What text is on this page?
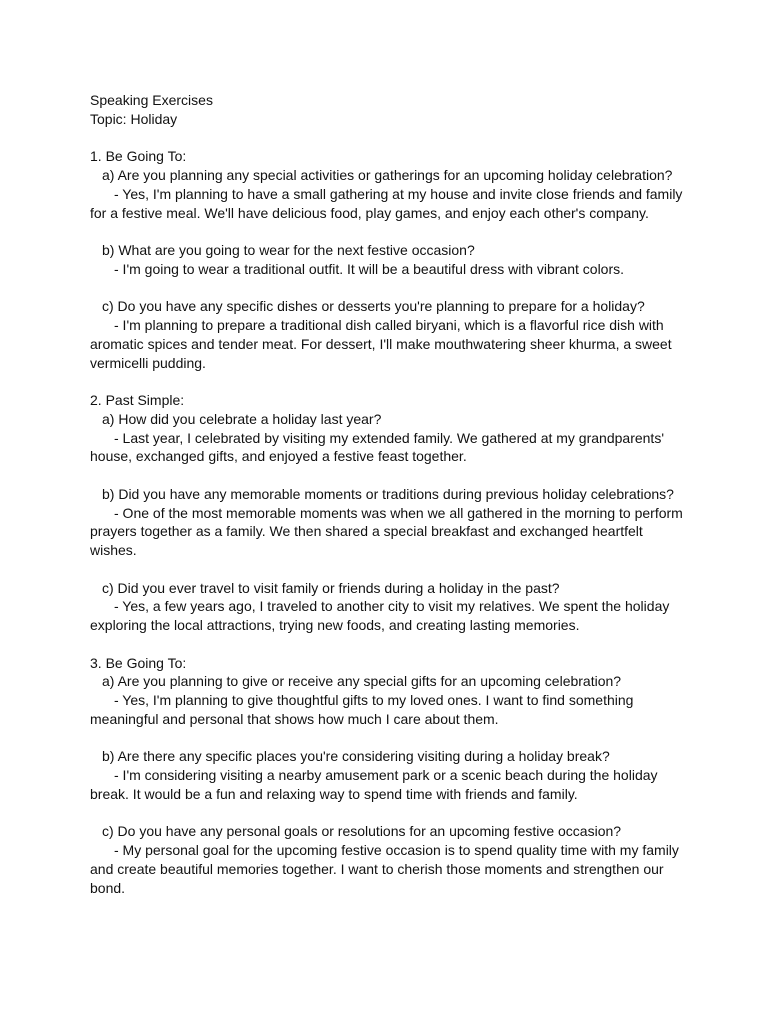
Speaking Exercises
Topic: Holiday
1. Be Going To:
a) Are you planning any special activities or gatherings for an upcoming holiday celebration?
- Yes, I'm planning to have a small gathering at my house and invite close friends and family
for a festive meal. We'll have delicious food, play games, and enjoy each other's company.
b) What are you going to wear for the next festive occasion?
- I'm going to wear a traditional outfit. It will be a beautiful dress with vibrant colors.
c) Do you have any specific dishes or desserts you're planning to prepare for a holiday?
- I'm planning to prepare a traditional dish called biryani, which is a flavorful rice dish with
aromatic spices and tender meat. For dessert, I'll make mouthwatering sheer khurma, a sweet
vermicelli pudding.
2. Past Simple:
a) How did you celebrate a holiday last year?
- Last year, I celebrated by visiting my extended family. We gathered at my grandparents'
house, exchanged gifts, and enjoyed a festive feast together.
b) Did you have any memorable moments or traditions during previous holiday celebrations?
- One of the most memorable moments was when we all gathered in the morning to perform
prayers together as a family. We then shared a special breakfast and exchanged heartfelt
wishes.
c) Did you ever travel to visit family or friends during a holiday in the past?
- Yes, a few years ago, I traveled to another city to visit my relatives. We spent the holiday
exploring the local attractions, trying new foods, and creating lasting memories.
3. Be Going To:
a) Are you planning to give or receive any special gifts for an upcoming celebration?
- Yes, I'm planning to give thoughtful gifts to my loved ones. I want to find something
meaningful and personal that shows how much I care about them.
b) Are there any specific places you're considering visiting during a holiday break?
- I'm considering visiting a nearby amusement park or a scenic beach during the holiday
break. It would be a fun and relaxing way to spend time with friends and family.
c) Do you have any personal goals or resolutions for an upcoming festive occasion?
- My personal goal for the upcoming festive occasion is to spend quality time with my family
and create beautiful memories together. I want to cherish those moments and strengthen our
bond.
